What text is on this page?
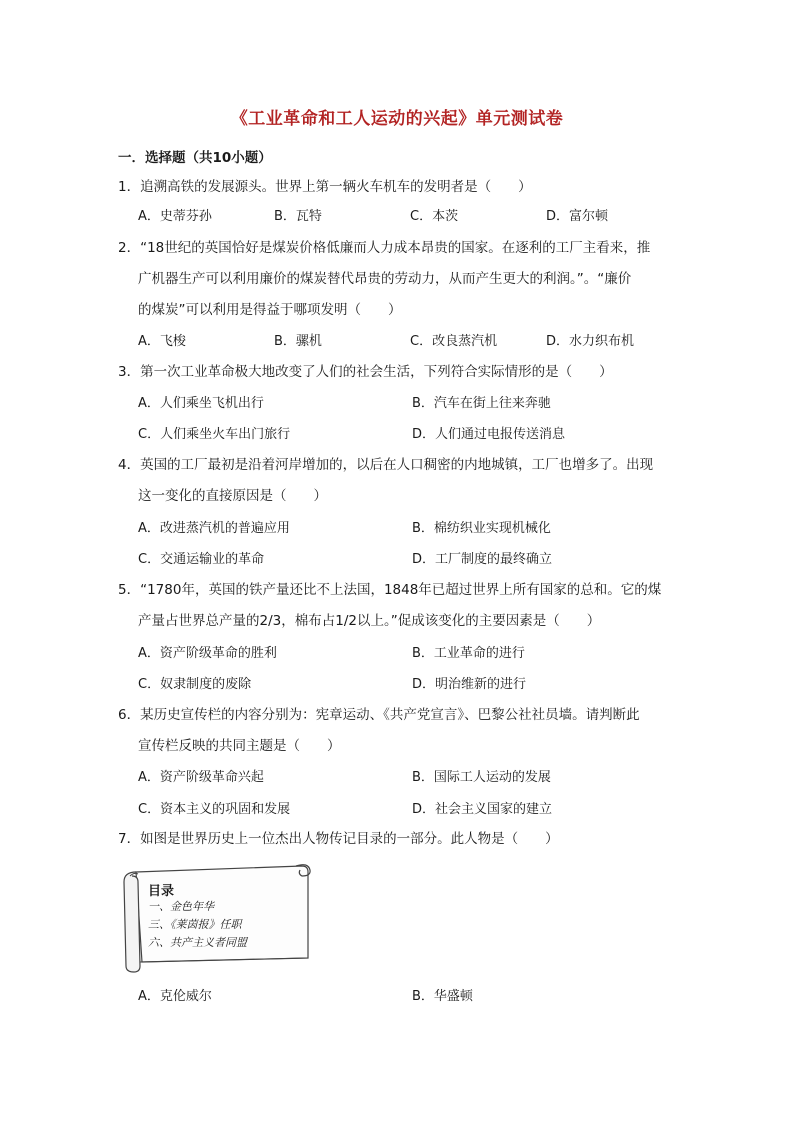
《工业革命和工人运动的兴起》单元测试卷
一．选择题（共10小题）
1．追溯高铁的发展源头。世界上第一辆火车机车的发明者是（　　）
A．史蒂芬孙	B．瓦特	C．本茨	D．富尔顿
2．“18世纪的英国恰好是煤炭价格低廉而人力成本昂贵的国家。在逐利的工厂主看来，推
广机器生产可以利用廉价的煤炭替代昂贵的劳动力，从而产生更大的利润。”。“廉价
的煤炭”可以利用是得益于哪项发明（　　）
A．飞梭	B．骡机	C．改良蒸汽机	D．水力织布机
3．第一次工业革命极大地改变了人们的社会生活，下列符合实际情形的是（　　）
A．人们乘坐飞机出行	B．汽车在街上往来奔驰
C．人们乘坐火车出门旅行	D．人们通过电报传送消息
4．英国的工厂最初是沿着河岸增加的，以后在人口稠密的内地城镇，工厂也增多了。出现
这一变化的直接原因是（　　）
A．改进蒸汽机的普遍应用	B．棉纺织业实现机械化
C．交通运输业的革命	D．工厂制度的最终确立
5．“1780年，英国的铁产量还比不上法国，1848年已超过世界上所有国家的总和。它的煤
产量占世界总产量的2/3，棉布占1/2以上。”促成该变化的主要因素是（　　）
A．资产阶级革命的胜利	B．工业革命的进行
C．奴隶制度的废除	D．明治维新的进行
6．某历史宣传栏的内容分别为：宪章运动、《共产党宣言》、巴黎公社社员墙。请判断此
宣传栏反映的共同主题是（　　）
A．资产阶级革命兴起	B．国际工人运动的发展
C．资本主义的巩固和发展	D．社会主义国家的建立
7．如图是世界历史上一位杰出人物传记目录的一部分。此人物是（　　）
目录
一、金色年华
三、《莱茵报》任职
六、共产主义者同盟
A．克伦威尔	B．华盛顿
